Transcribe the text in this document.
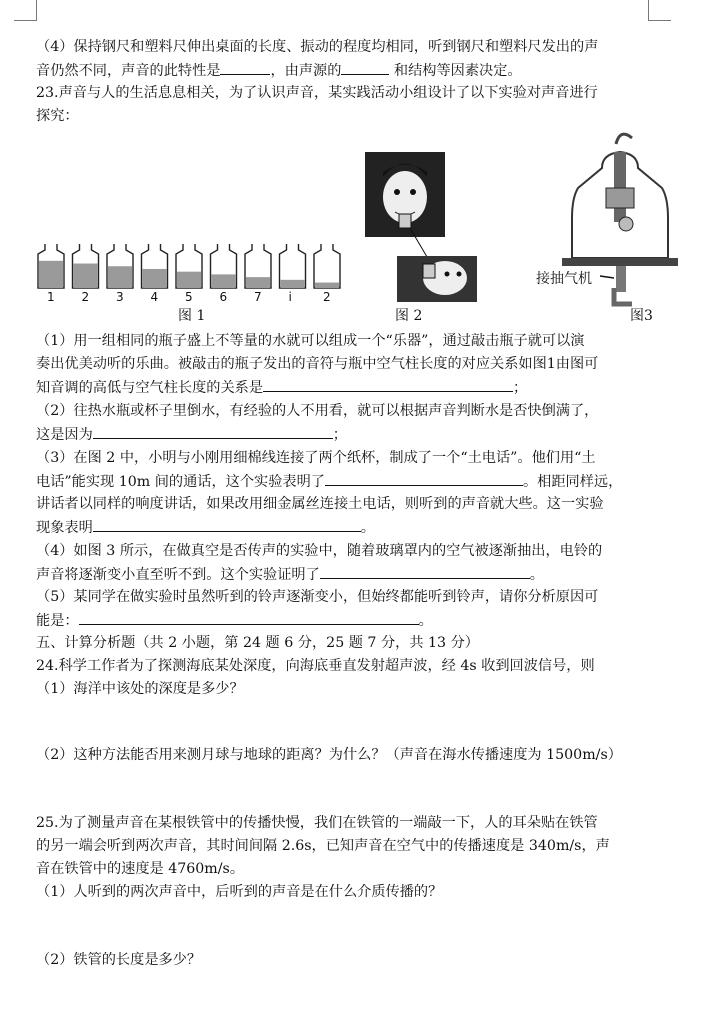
（4）保持钢尺和塑料尺伸出桌面的长度、振动的程度均相同，听到钢尺和塑料尺发出的声
音仍然不同，声音的此特性是	，由声源的	和结构等因素决定。
23.声音与人的生活息息相关，为了认识声音，某实践活动小组设计了以下实验对声音进行
探究：
1 2 3 4 5 6 7 i	2
图 1	图 2
接抽气机
图3
（1）用一组相同的瓶子盛上不等量的水就可以组成一个“乐器”，通过敲击瓶子就可以演
奏出优美动听的乐曲。被敲击的瓶子发出的音符与瓶中空气柱长度的对应关系如图1由图可
知音调的高低与空气柱长度的关系是	；
（2）往热水瓶或杯子里倒水，有经验的人不用看，就可以根据声音判断水是否快倒满了，
这是因为	；
（3）在图 2 中，小明与小刚用细棉线连接了两个纸杯，制成了一个“土电话”。他们用“土
电话”能实现 10m 间的通话，这个实验表明了	。相距同样远，
讲话者以同样的响度讲话，如果改用细金属丝连接土电话，则听到的声音就大些。这一实验
现象表明	。
（4）如图 3 所示，在做真空是否传声的实验中，随着玻璃罩内的空气被逐渐抽出，电铃的
声音将逐渐变小直至听不到。这个实验证明了	。
（5）某同学在做实验时虽然听到的铃声逐渐变小，但始终都能听到铃声，请你分析原因可
能是：	。
五、计算分析题（共 2 小题，第 24 题 6 分，25 题 7 分，共 13 分）
24.科学工作者为了探测海底某处深度，向海底垂直发射超声波，经 4s 收到回波信号，则
（1）海洋中该处的深度是多少？
（2）这种方法能否用来测月球与地球的距离？为什么？（声音在海水传播速度为 1500m/s）
25.为了测量声音在某根铁管中的传播快慢，我们在铁管的一端敲一下，人的耳朵贴在铁管
的另一端会听到两次声音，其时间间隔 2.6s，已知声音在空气中的传播速度是 340m/s，声
音在铁管中的速度是 4760m/s。
（1）人听到的两次声音中，后听到的声音是在什么介质传播的？
（2）铁管的长度是多少？
